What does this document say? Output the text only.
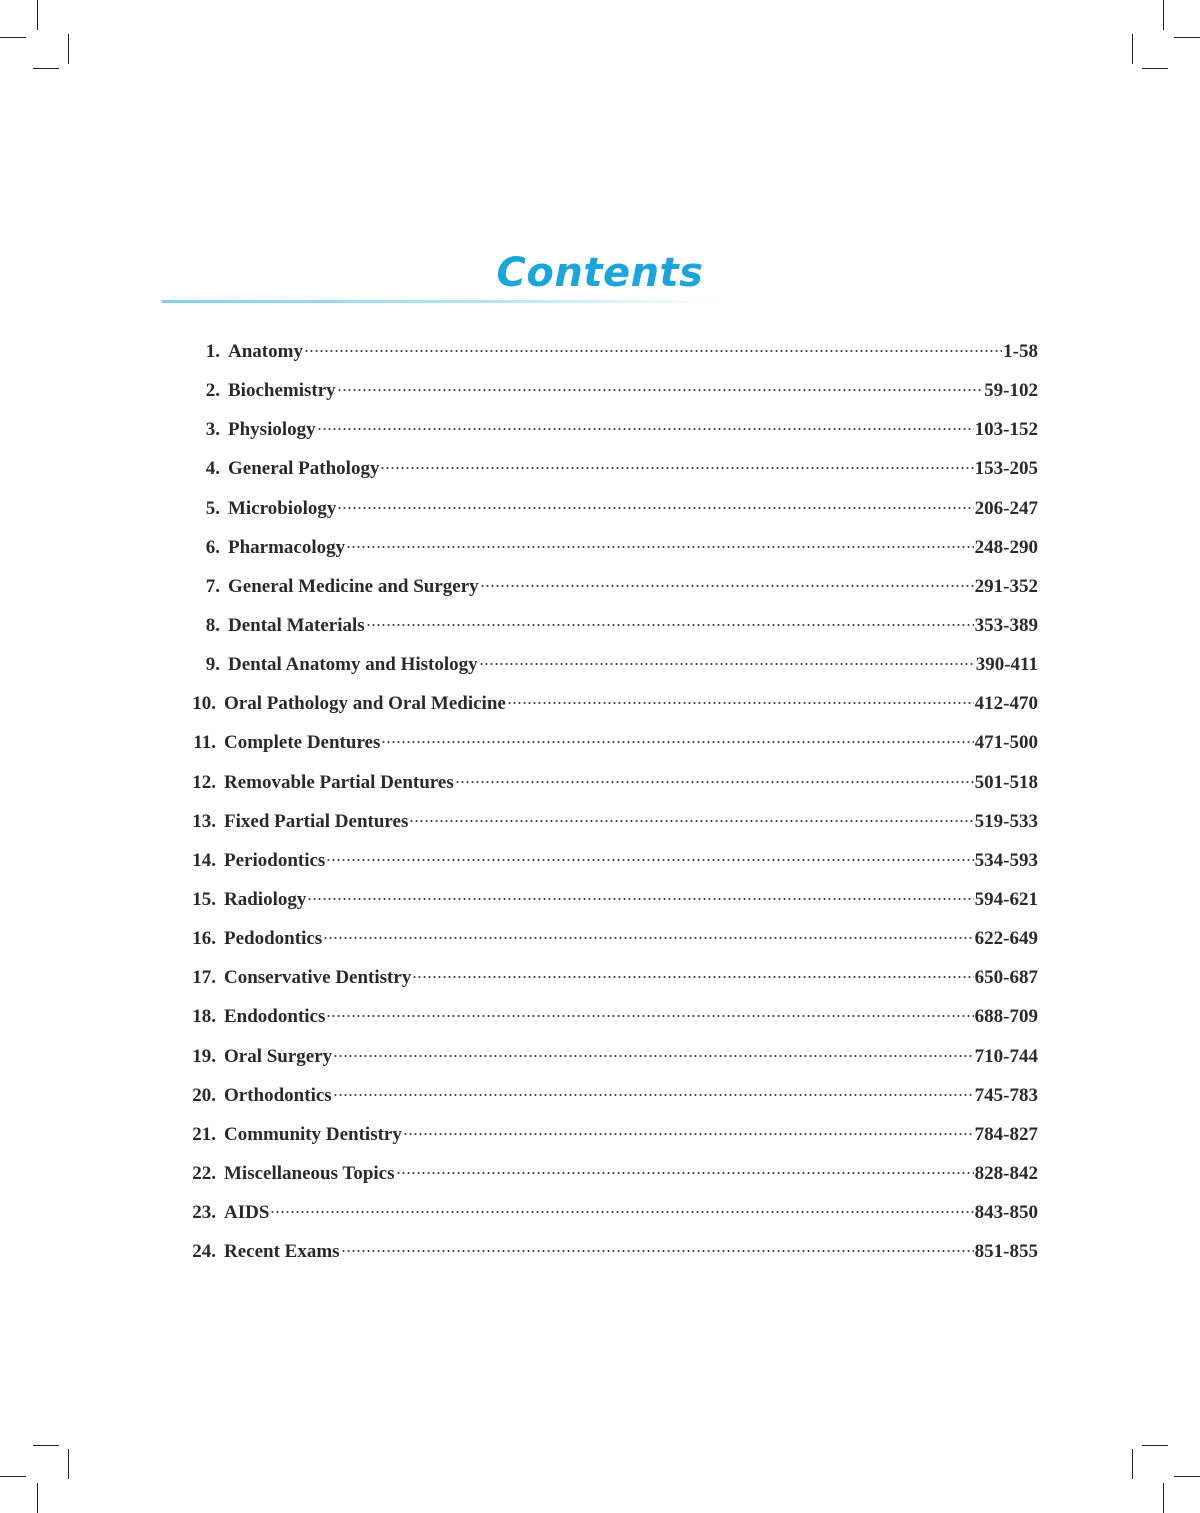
Contents
1. Anatomy	1-58
2. Biochemistry	59-102
3. Physiology	103-152
4. General Pathology	153-205
5. Microbiology	206-247
6. Pharmacology	248-290
7. General Medicine and Surgery	291-352
8. Dental Materials	353-389
9. Dental Anatomy and Histology	390-411
10. Oral Pathology and Oral Medicine	412-470
11. Complete Dentures	471-500
12. Removable Partial Dentures	501-518
13. Fixed Partial Dentures	519-533
14. Periodontics	534-593
15. Radiology	594-621
16. Pedodontics	622-649
17. Conservative Dentistry	650-687
18. Endodontics	688-709
19. Oral Surgery	710-744
20. Orthodontics	745-783
21. Community Dentistry	784-827
22. Miscellaneous Topics	828-842
23. AIDS	843-850
24. Recent Exams	851-855
